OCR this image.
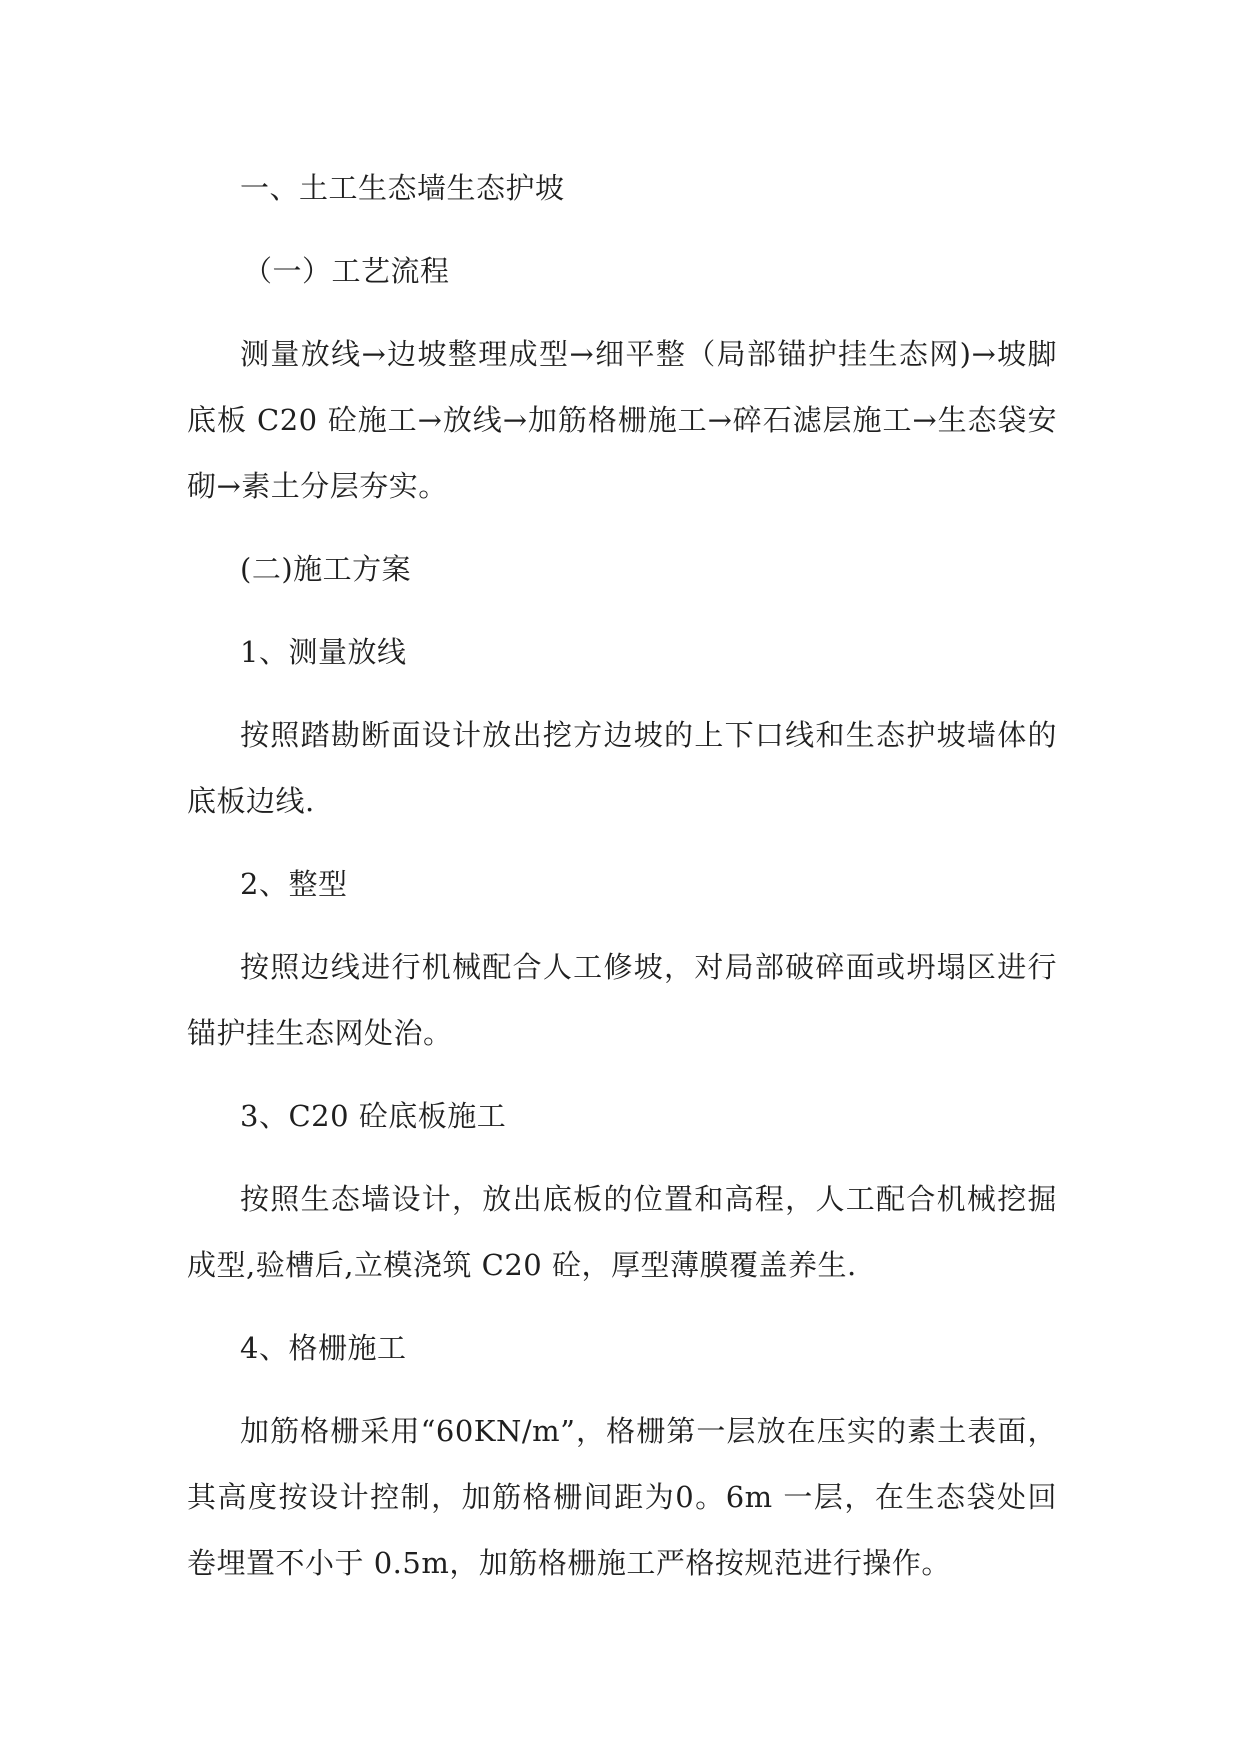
一、土工生态墙生态护坡

（一）工艺流程

测量放线→边坡整理成型→细平整（局部锚护挂生态网)→坡脚底板 C20 砼施工→放线→加筋格栅施工→碎石滤层施工→生态袋安砌→素土分层夯实。

(二)施工方案

1、测量放线

按照踏勘断面设计放出挖方边坡的上下口线和生态护坡墙体的底板边线.

2、整型

按照边线进行机械配合人工修坡，对局部破碎面或坍塌区进行锚护挂生态网处治。

3、C20 砼底板施工

按照生态墙设计，放出底板的位置和高程，人工配合机械挖掘成型,验槽后,立模浇筑 C20 砼，厚型薄膜覆盖养生.

4、格栅施工

加筋格栅采用“60KN/m”，格栅第一层放在压实的素土表面，其高度按设计控制，加筋格栅间距为0。6m 一层，在生态袋处回卷埋置不小于 0.5m，加筋格栅施工严格按规范进行操作。
